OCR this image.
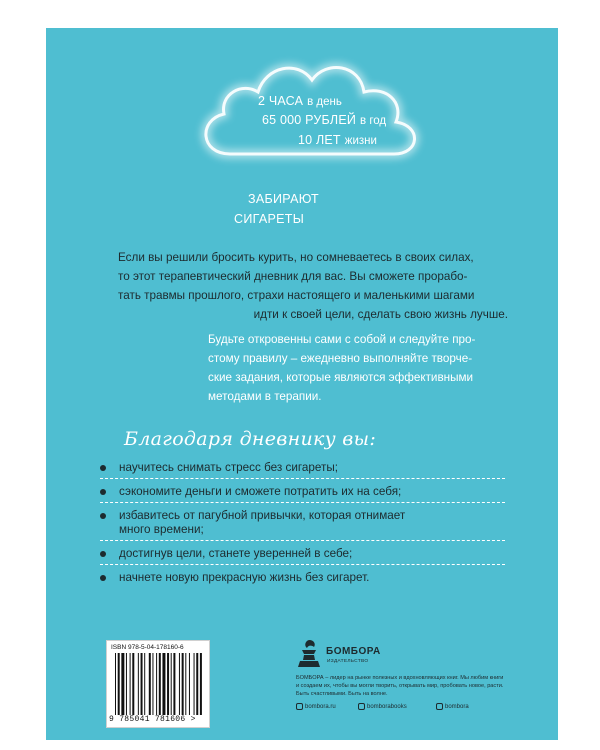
2 ЧАСА в день
65 000 РУБЛЕЙ в год
10 ЛЕТ жизни
ЗАБИРАЮТ
СИГАРЕТЫ
Если вы решили бросить курить, но сомневаетесь в своих силах,
то этот терапевтический дневник для вас. Вы сможете прорабо-
тать травмы прошлого, страхи настоящего и маленькими шагами
идти к своей цели, сделать свою жизнь лучше.
Будьте откровенны сами с собой и следуйте про-
стому правилу – ежедневно выполняйте творче-
ские задания, которые являются эффективными
методами в терапии.
Благодаря дневнику вы:
научитесь снимать стресс без сигареты;
сэкономите деньги и сможете потратить их на себя;
избавитесь от пагубной привычки, которая отнимает
много времени;
достигнув цели, станете уверенней в себе;
начнете новую прекрасную жизнь без сигарет.
ISBN 978-5-04-178160-6
9 785041 781606 >
БОМБОРА
ИЗДАТЕЛЬСТВО
БОМБОРА – лидер на рынке полезных и вдохновляющих книг. Мы любим книги и создаем их, чтобы вы могли творить, открывать мир, пробовать новое, расти. Быть счастливыми. Быть на волне.
bombora.ru	bomborabooks	bombora
